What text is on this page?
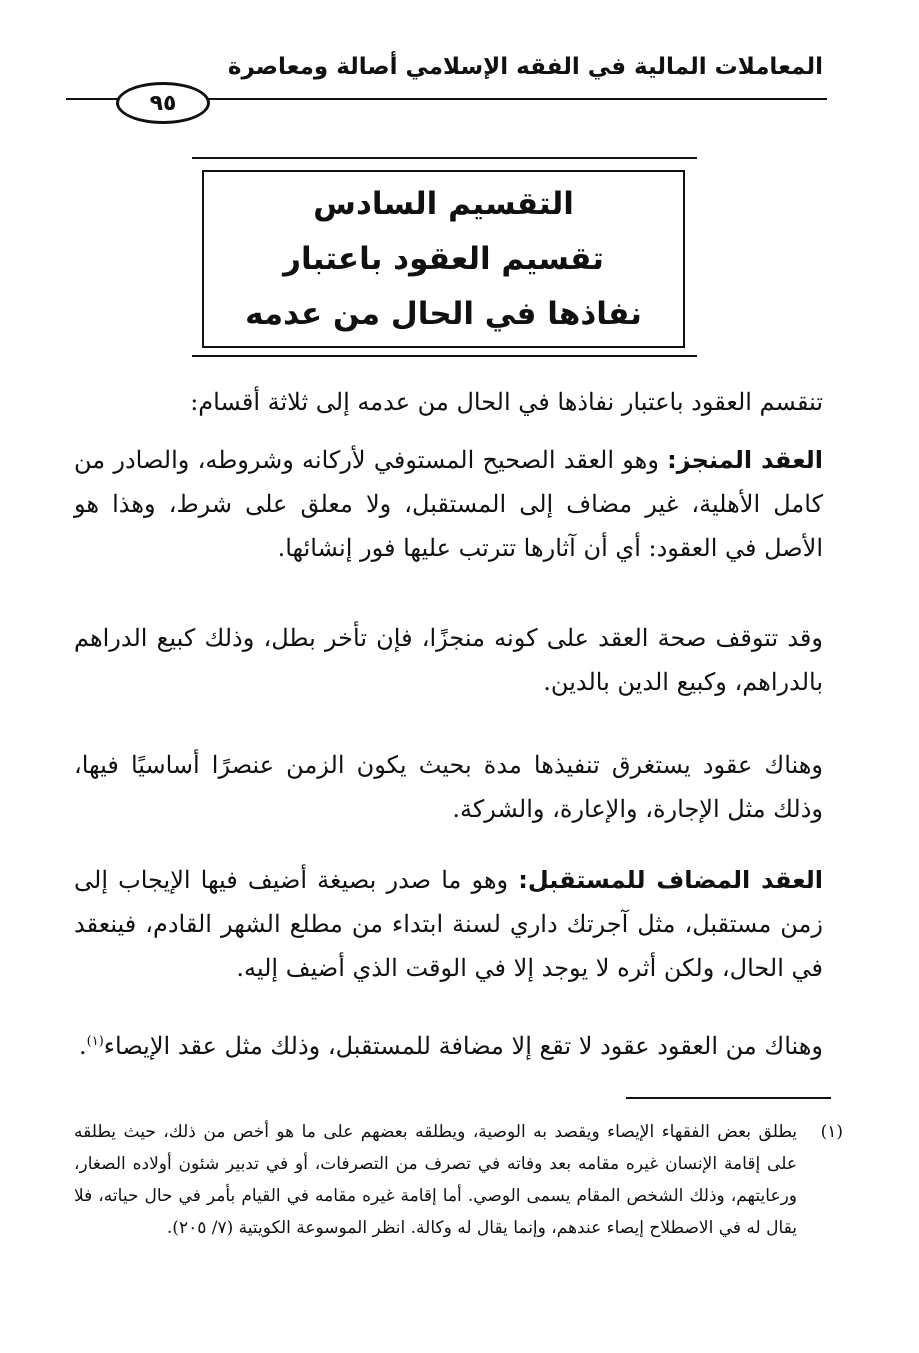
المعاملات المالية في الفقه الإسلامي أصالة ومعاصرة
٩٥
التقسيم السادس
تقسيم العقود باعتبار
نفاذها في الحال من عدمه

تنقسم العقود باعتبار نفاذها في الحال من عدمه إلى ثلاثة أقسام:

العقد المنجز: وهو العقد الصحيح المستوفي لأركانه وشروطه، والصادر من كامل الأهلية، غير مضاف إلى المستقبل، ولا معلق على شرط، وهذا هو الأصل في العقود: أي أن آثارها تترتب عليها فور إنشائها.

وقد تتوقف صحة العقد على كونه منجزًا، فإن تأخر بطل، وذلك كبيع الدراهم بالدراهم، وكبيع الدين بالدين.

وهناك عقود يستغرق تنفيذها مدة بحيث يكون الزمن عنصرًا أساسيًا فيها، وذلك مثل الإجارة، والإعارة، والشركة.

العقد المضاف للمستقبل: وهو ما صدر بصيغة أضيف فيها الإيجاب إلى زمن مستقبل، مثل آجرتك داري لسنة ابتداء من مطلع الشهر القادم، فينعقد في الحال، ولكن أثره لا يوجد إلا في الوقت الذي أضيف إليه.

وهناك من العقود عقود لا تقع إلا مضافة للمستقبل، وذلك مثل عقد الإيصاء$^{(١)}$.

(١)
يطلق بعض الفقهاء الإيصاء ويقصد به الوصية، ويطلقه بعضهم على ما هو أخص من ذلك، حيث يطلقه على إقامة الإنسان غيره مقامه بعد وفاته في تصرف من التصرفات، أو في تدبير شئون أولاده الصغار، ورعايتهم، وذلك الشخص المقام يسمى الوصي. أما إقامة غيره مقامه في القيام بأمر في حال حياته، فلا يقال له في الاصطلاح إيصاء عندهم، وإنما يقال له وكالة. انظر الموسوعة الكويتية (٧/ ٢٠٥).
